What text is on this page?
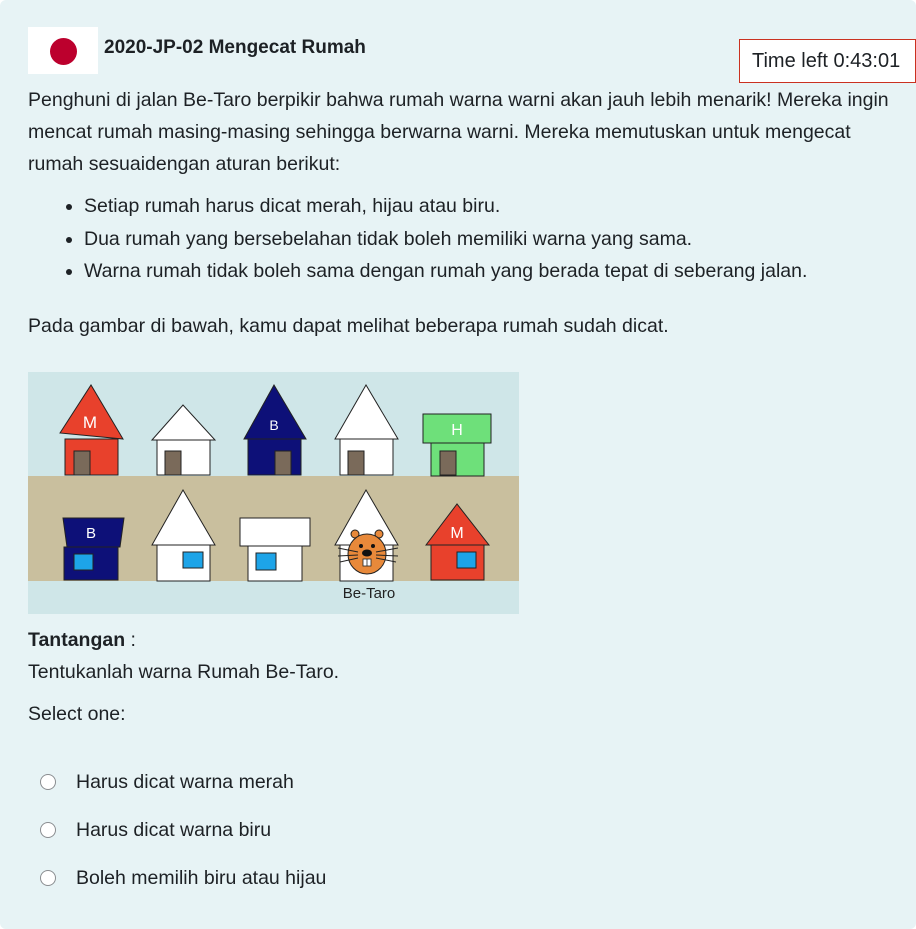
2020-JP-02 Mengecat Rumah
Time left 0:43:01

Penghuni di jalan Be-Taro berpikir bahwa rumah warna warni akan jauh lebih menarik! Mereka ingin mencat rumah masing-masing sehingga berwarna warni. Mereka memutuskan untuk mengecat rumah sesuaidengan aturan berikut:

• Setiap rumah harus dicat merah, hijau atau biru.
• Dua rumah yang bersebelahan tidak boleh memiliki warna yang sama.
• Warna rumah tidak boleh sama dengan rumah yang berada tepat di seberang jalan.

Pada gambar di bawah, kamu dapat melihat beberapa rumah sudah dicat.

M	B	H
B
Be-Taro
M

Tantangan :

Tentukanlah warna Rumah Be-Taro.

Select one:
Harus dicat warna merah
Harus dicat warna biru
Boleh memilih biru atau hijau
